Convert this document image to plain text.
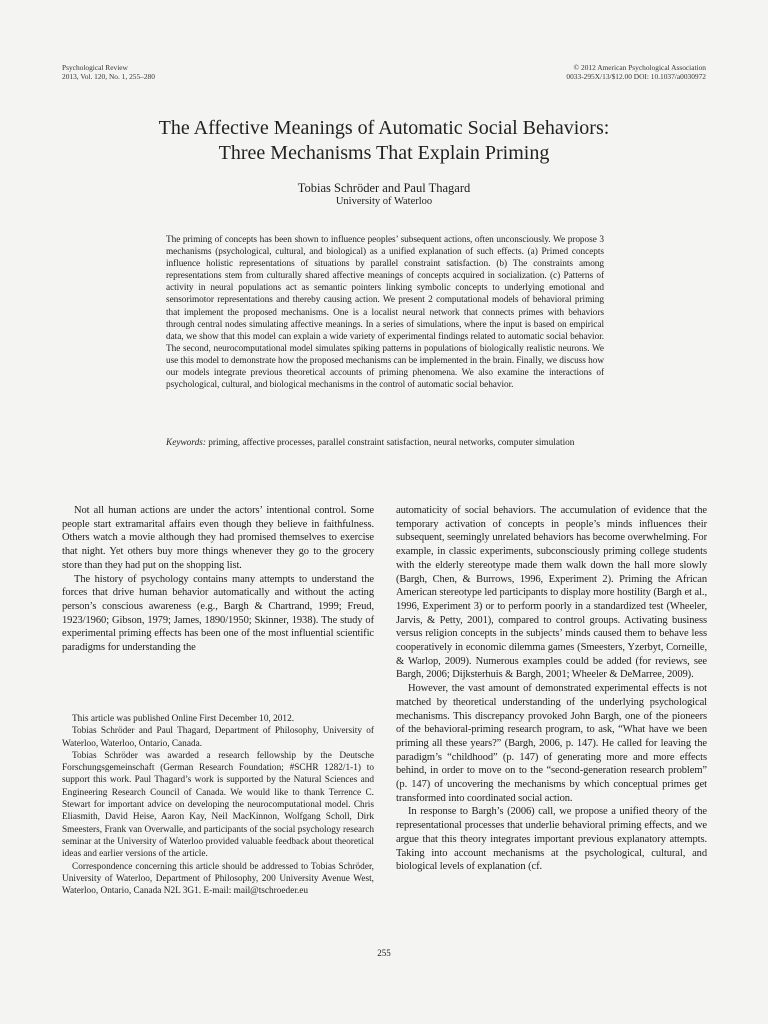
Psychological Review
2013, Vol. 120, No. 1, 255–280
© 2012 American Psychological Association
0033-295X/13/$12.00 DOI: 10.1037/a0030972
The Affective Meanings of Automatic Social Behaviors:
Three Mechanisms That Explain Priming
Tobias Schröder and Paul Thagard
University of Waterloo
The priming of concepts has been shown to influence peoples’ subsequent actions, often unconsciously. We propose 3 mechanisms (psychological, cultural, and biological) as a unified explanation of such effects. (a) Primed concepts influence holistic representations of situations by parallel constraint satisfaction. (b) The constraints among representations stem from culturally shared affective meanings of concepts acquired in socialization. (c) Patterns of activity in neural populations act as semantic pointers linking symbolic concepts to underlying emotional and sensorimotor representations and thereby causing action. We present 2 computational models of behavioral priming that implement the proposed mechanisms. One is a localist neural network that connects primes with behaviors through central nodes simulating affective meanings. In a series of simulations, where the input is based on empirical data, we show that this model can explain a wide variety of experimental findings related to automatic social behavior. The second, neurocomputational model simulates spiking patterns in populations of biologically realistic neurons. We use this model to demonstrate how the proposed mechanisms can be implemented in the brain. Finally, we discuss how our models integrate previous theoretical accounts of priming phenomena. We also examine the interactions of psychological, cultural, and biological mechanisms in the control of automatic social behavior.
Keywords: priming, affective processes, parallel constraint satisfaction, neural networks, computer simulation

Not all human actions are under the actors’ intentional control. Some people start extramarital affairs even though they believe in faithfulness. Others watch a movie although they had promised themselves to exercise that night. Yet others buy more things whenever they go to the grocery store than they had put on the shopping list.

The history of psychology contains many attempts to understand the forces that drive human behavior automatically and without the acting person’s conscious awareness (e.g., Bargh & Chartrand, 1999; Freud, 1923/1960; Gibson, 1979; James, 1890/1950; Skinner, 1938). The study of experimental priming effects has been one of the most influential scientific paradigms for understanding the

automaticity of social behaviors. The accumulation of evidence that the temporary activation of concepts in people’s minds influences their subsequent, seemingly unrelated behaviors has become overwhelming. For example, in classic experiments, subconsciously priming college students with the elderly stereotype made them walk down the hall more slowly (Bargh, Chen, & Burrows, 1996, Experiment 2). Priming the African American stereotype led participants to display more hostility (Bargh et al., 1996, Experiment 3) or to perform poorly in a standardized test (Wheeler, Jarvis, & Petty, 2001), compared to control groups. Activating business versus religion concepts in the subjects’ minds caused them to behave less cooperatively in economic dilemma games (Smeesters, Yzerbyt, Corneille, & Warlop, 2009). Numerous examples could be added (for reviews, see Bargh, 2006; Dijksterhuis & Bargh, 2001; Wheeler & DeMarree, 2009).

However, the vast amount of demonstrated experimental effects is not matched by theoretical understanding of the underlying psychological mechanisms. This discrepancy provoked John Bargh, one of the pioneers of the behavioral-priming research program, to ask, “What have we been priming all these years?” (Bargh, 2006, p. 147). He called for leaving the paradigm’s “childhood” (p. 147) of generating more and more effects behind, in order to move on to the “second-generation research problem” (p. 147) of uncovering the mechanisms by which conceptual primes get transformed into coordinated social action.

In response to Bargh’s (2006) call, we propose a unified theory of the representational processes that underlie behavioral priming effects, and we argue that this theory integrates important previous explanatory attempts. Taking into account mechanisms at the psychological, cultural, and biological levels of explanation (cf.

This article was published Online First December 10, 2012.

Tobias Schröder and Paul Thagard, Department of Philosophy, University of Waterloo, Waterloo, Ontario, Canada.

Tobias Schröder was awarded a research fellowship by the Deutsche Forschungsgemeinschaft (German Research Foundation; #SCHR 1282/1-1) to support this work. Paul Thagard’s work is supported by the Natural Sciences and Engineering Research Council of Canada. We would like to thank Terrence C. Stewart for important advice on developing the neurocomputational model. Chris Eliasmith, David Heise, Aaron Kay, Neil MacKinnon, Wolfgang Scholl, Dirk Smeesters, Frank van Overwalle, and participants of the social psychology research seminar at the University of Waterloo provided valuable feedback about theoretical ideas and earlier versions of the article.

Correspondence concerning this article should be addressed to Tobias Schröder, University of Waterloo, Department of Philosophy, 200 University Avenue West, Waterloo, Ontario, Canada N2L 3G1. E-mail: mail@tschroeder.eu

255
